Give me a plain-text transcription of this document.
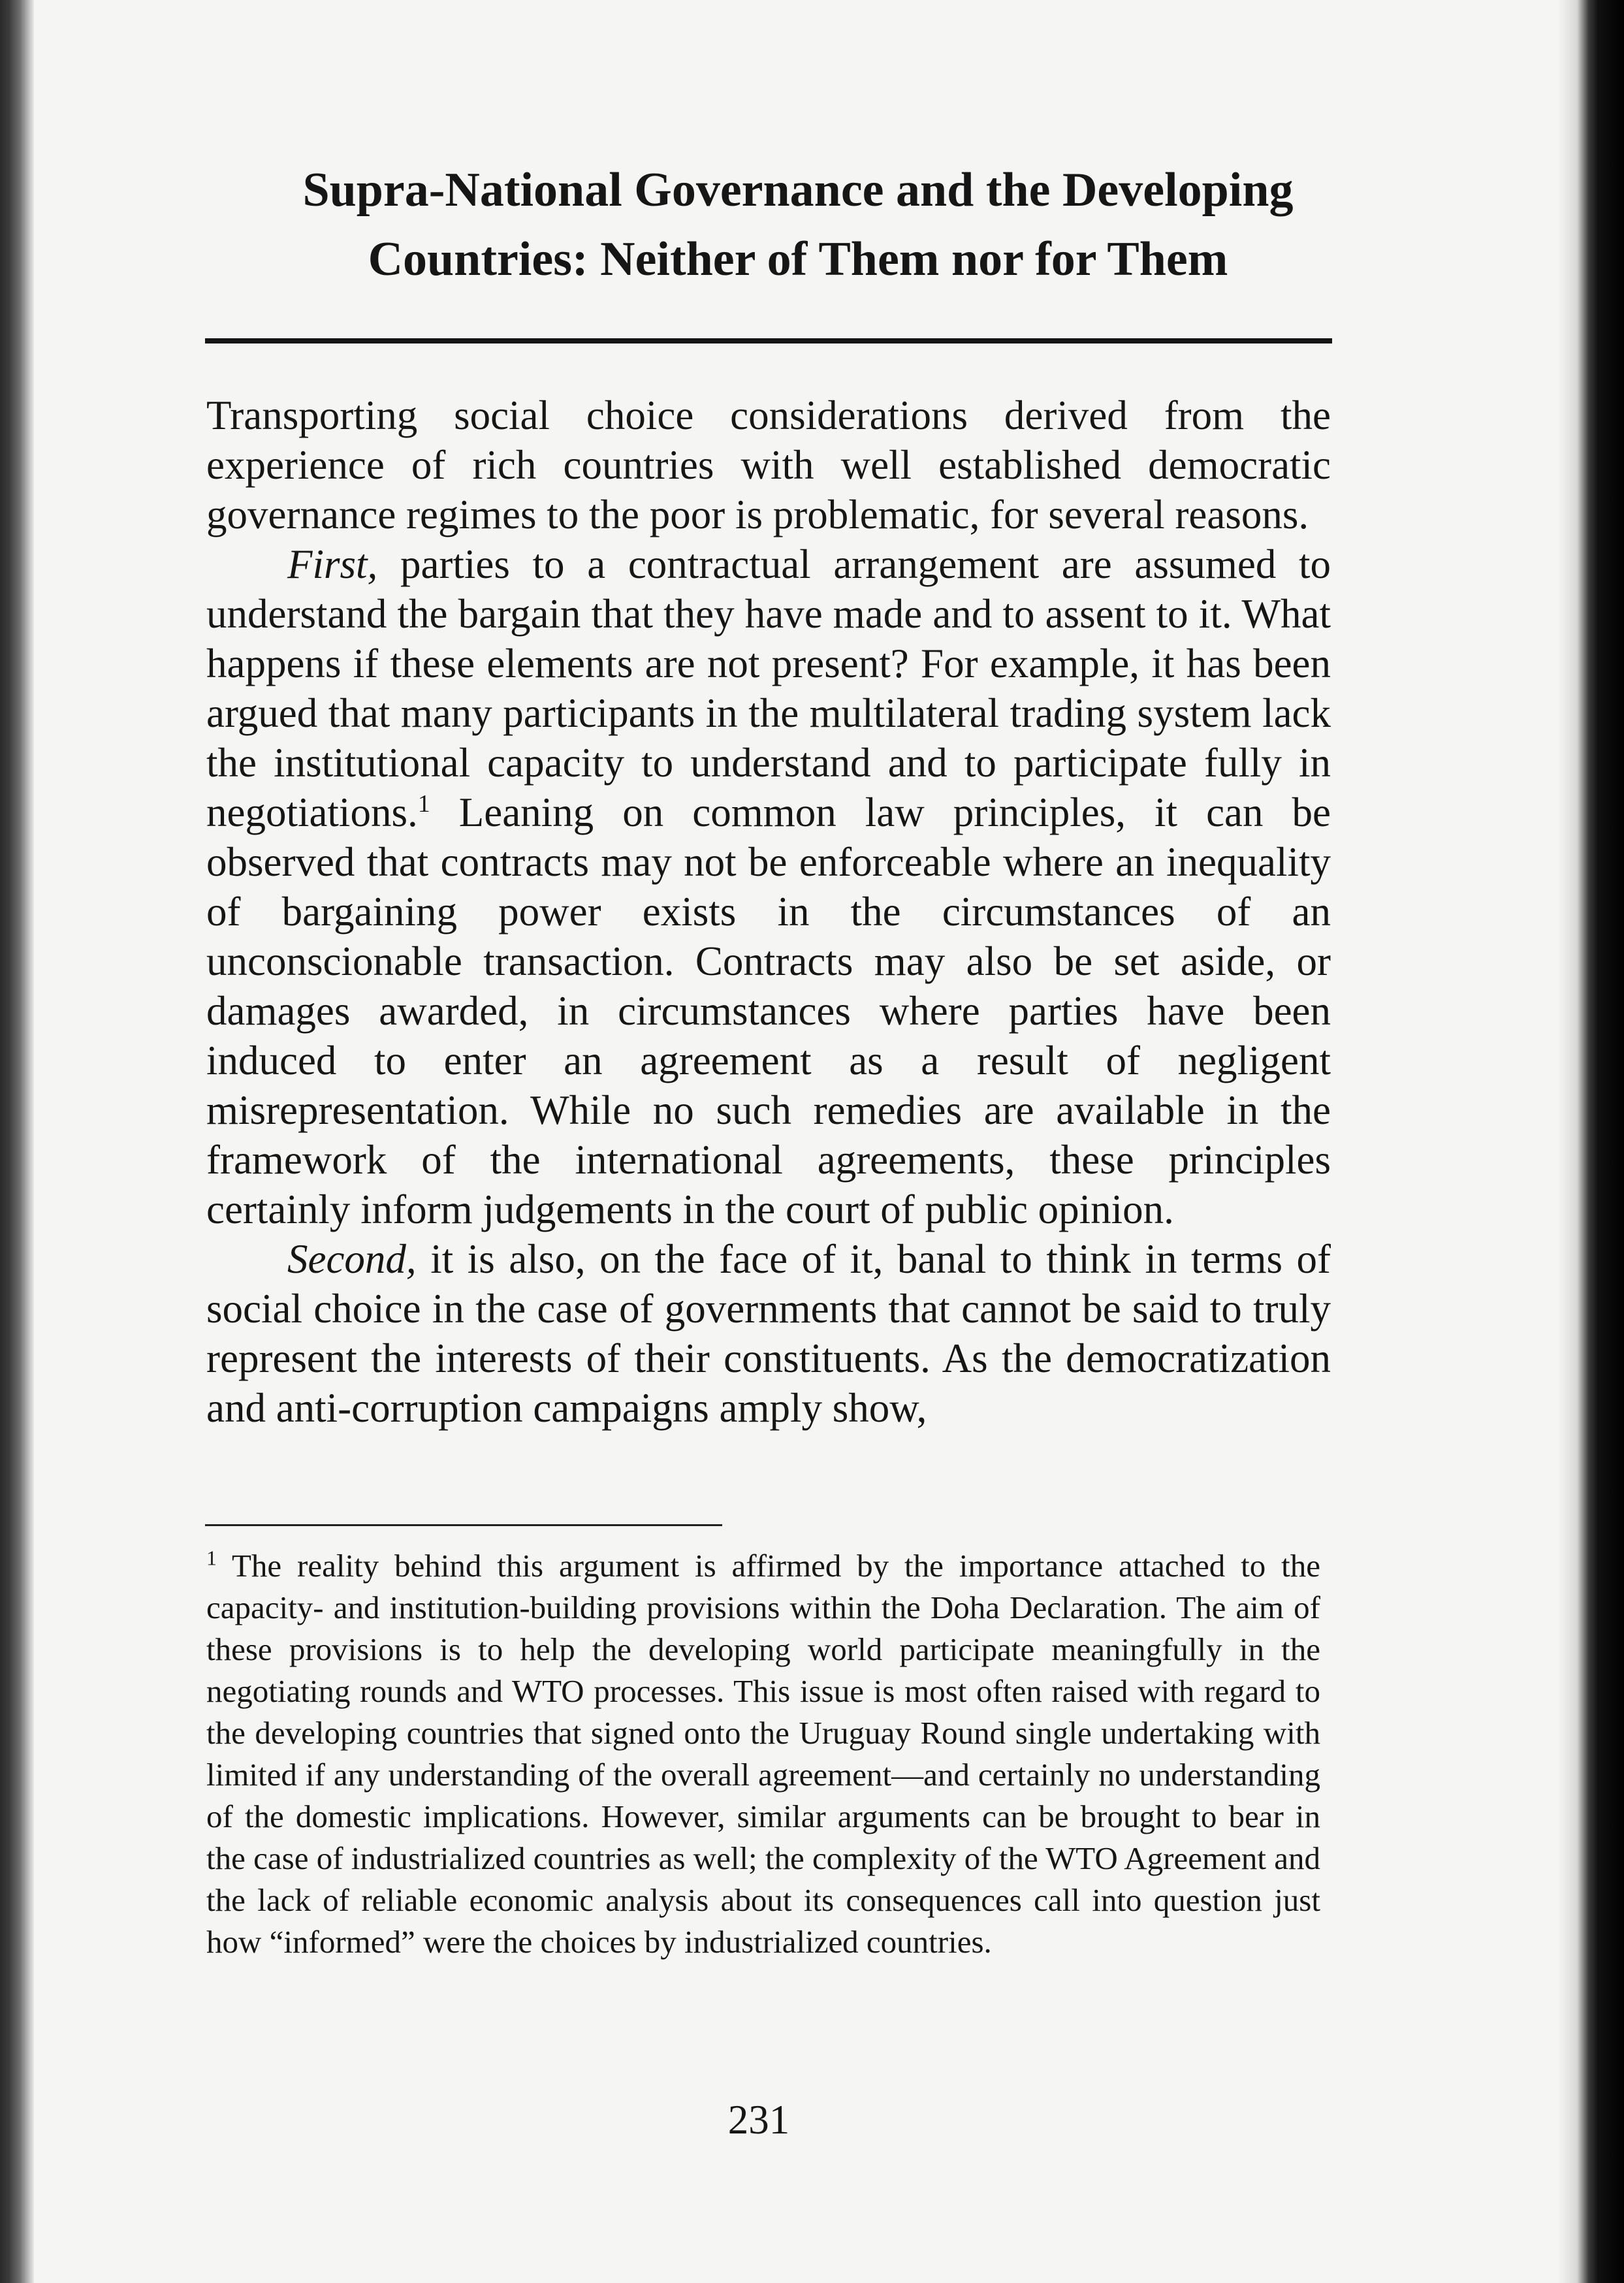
Supra-National Governance and the Developing
Countries: Neither of Them nor for Them

Transporting social choice considerations derived from the experience of rich countries with well established democratic governance regimes to the poor is problematic, for several reasons.

First, parties to a contractual arrangement are assumed to understand the bargain that they have made and to assent to it. What happens if these elements are not present? For example, it has been argued that many participants in the multilateral trading system lack the institutional capacity to understand and to participate fully in negotiations.$^1$ Leaning on common law principles, it can be observed that contracts may not be enforceable where an inequality of bargaining power exists in the circumstances of an unconscionable transaction. Contracts may also be set aside, or damages awarded, in circumstances where parties have been induced to enter an agreement as a result of negligent misrepresentation. While no such remedies are available in the framework of the international agreements, these principles certainly inform judgements in the court of public opinion.

Second, it is also, on the face of it, banal to think in terms of social choice in the case of governments that cannot be said to truly represent the interests of their constituents. As the democratization and anti-corruption campaigns amply show,

$^1$ The reality behind this argument is affirmed by the importance attached to the capacity- and institution-building provisions within the Doha Declaration. The aim of these provisions is to help the developing world participate meaningfully in the negotiating rounds and WTO processes. This issue is most often raised with regard to the developing countries that signed onto the Uruguay Round single undertaking with limited if any understanding of the overall agreement—and certainly no understanding of the domestic implications. However, similar arguments can be brought to bear in the case of industrialized countries as well; the complexity of the WTO Agreement and the lack of reliable economic analysis about its consequences call into question just how “informed” were the choices by industrialized countries.

231
